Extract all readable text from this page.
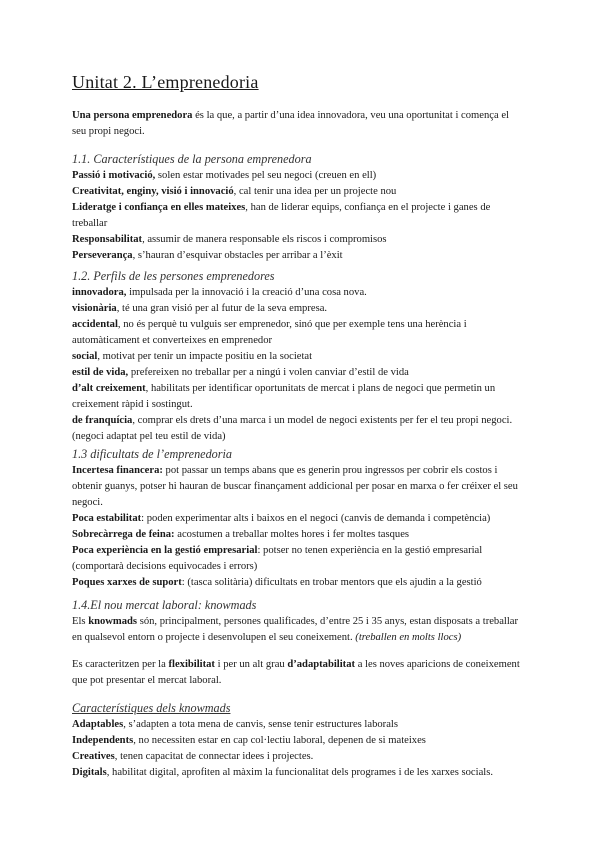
Unitat 2. L’emprenedoria

Una persona emprenedora és la que, a partir d’una idea innovadora, veu una oportunitat i comença el seu propi negoci.

1.1. Característiques de la persona emprenedora

Passió i motivació, solen estar motivades pel seu negoci (creuen en ell)

Creativitat, enginy, visió i innovació, cal tenir una idea per un projecte nou

Lideratge i confiança en elles mateixes, han de liderar equips, confiança en el projecte i ganes de treballar

Responsabilitat, assumir de manera responsable els riscos i compromisos

Perseverança, s’hauran d’esquivar obstacles per arribar a l’èxit

1.2. Perfils de les persones emprenedores

innovadora, impulsada per la innovació i la creació d’una cosa nova.

visionària, té una gran visió per al futur de la seva empresa.

accidental, no és perquè tu vulguis ser emprenedor, sinó que per exemple tens una herència i automàticament et converteixes en emprenedor

social, motivat per tenir un impacte positiu en la societat

estil de vida, prefereixen no treballar per a ningú i volen canviar d’estil de vida

d’alt creixement, habilitats per identificar oportunitats de mercat i plans de negoci que permetin un creixement ràpid i sostingut.

de franquícia, comprar els drets d’una marca i un model de negoci existents per fer el teu propi negoci. (negoci adaptat pel teu estil de vida)

1.3 dificultats de l’emprenedoria

Incertesa financera: pot passar un temps abans que es generin prou ingressos per cobrir els costos i obtenir guanys, potser hi hauran de buscar finançament addicional per posar en marxa o fer créixer el seu negoci.

Poca estabilitat: poden experimentar alts i baixos en el negoci (canvis de demanda i competència)

Sobrecàrrega de feina: acostumen a treballar moltes hores i fer moltes tasques

Poca experiència en la gestió empresarial: potser no tenen experiència en la gestió empresarial (comportarà decisions equivocades i errors)

Poques xarxes de suport: (tasca solitària) dificultats en trobar mentors que els ajudin a la gestió

1.4.El nou mercat laboral: knowmads

Els knowmads són, principalment, persones qualificades, d’entre 25 i 35 anys, estan disposats a treballar en qualsevol entorn o projecte i desenvolupen el seu coneixement. (treballen en molts llocs)

Es caracteritzen per la flexibilitat i per un alt grau d’adaptabilitat a les noves aparicions de coneixement que pot presentar el mercat laboral.

Característiques dels knowmads

Adaptables, s’adapten a tota mena de canvis, sense tenir estructures laborals

Independents, no necessiten estar en cap col·lectiu laboral, depenen de si mateixes

Creatives, tenen capacitat de connectar idees i projectes.

Digitals, habilitat digital, aprofiten al màxim la funcionalitat dels programes i de les xarxes socials.
